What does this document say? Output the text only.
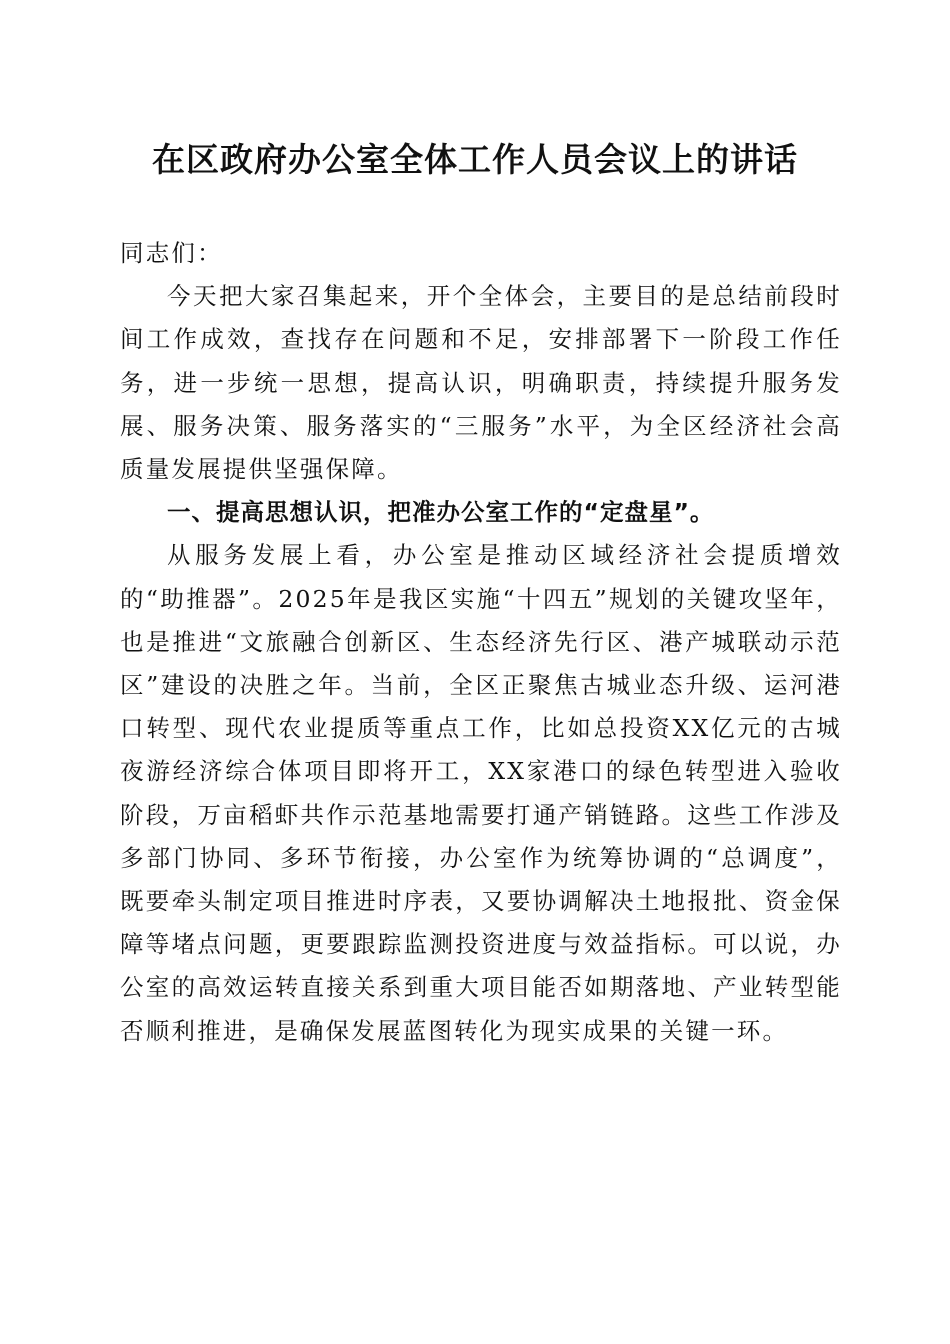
在区政府办公室全体工作人员会议上的讲话

同志们：

今天把大家召集起来，开个全体会，主要目的是总结前段时间工作成效，查找存在问题和不足，安排部署下一阶段工作任务，进一步统一思想，提高认识，明确职责，持续提升服务发展、服务决策、服务落实的“三服务”水平，为全区经济社会高质量发展提供坚强保障。

一、提高思想认识，把准办公室工作的“定盘星”。

从服务发展上看，办公室是推动区域经济社会提质增效的“助推器”。2025年是我区实施“十四五”规划的关键攻坚年，也是推进“文旅融合创新区、生态经济先行区、港产城联动示范区”建设的决胜之年。当前，全区正聚焦古城业态升级、运河港口转型、现代农业提质等重点工作，比如总投资XX亿元的古城夜游经济综合体项目即将开工，XX家港口的绿色转型进入验收阶段，万亩稻虾共作示范基地需要打通产销链路。这些工作涉及多部门协同、多环节衔接，办公室作为统筹协调的“总调度”，既要牵头制定项目推进时序表，又要协调解决土地报批、资金保障等堵点问题，更要跟踪监测投资进度与效益指标。可以说，办公室的高效运转直接关系到重大项目能否如期落地、产业转型能否顺利推进，是确保发展蓝图转化为现实成果的关键一环。
